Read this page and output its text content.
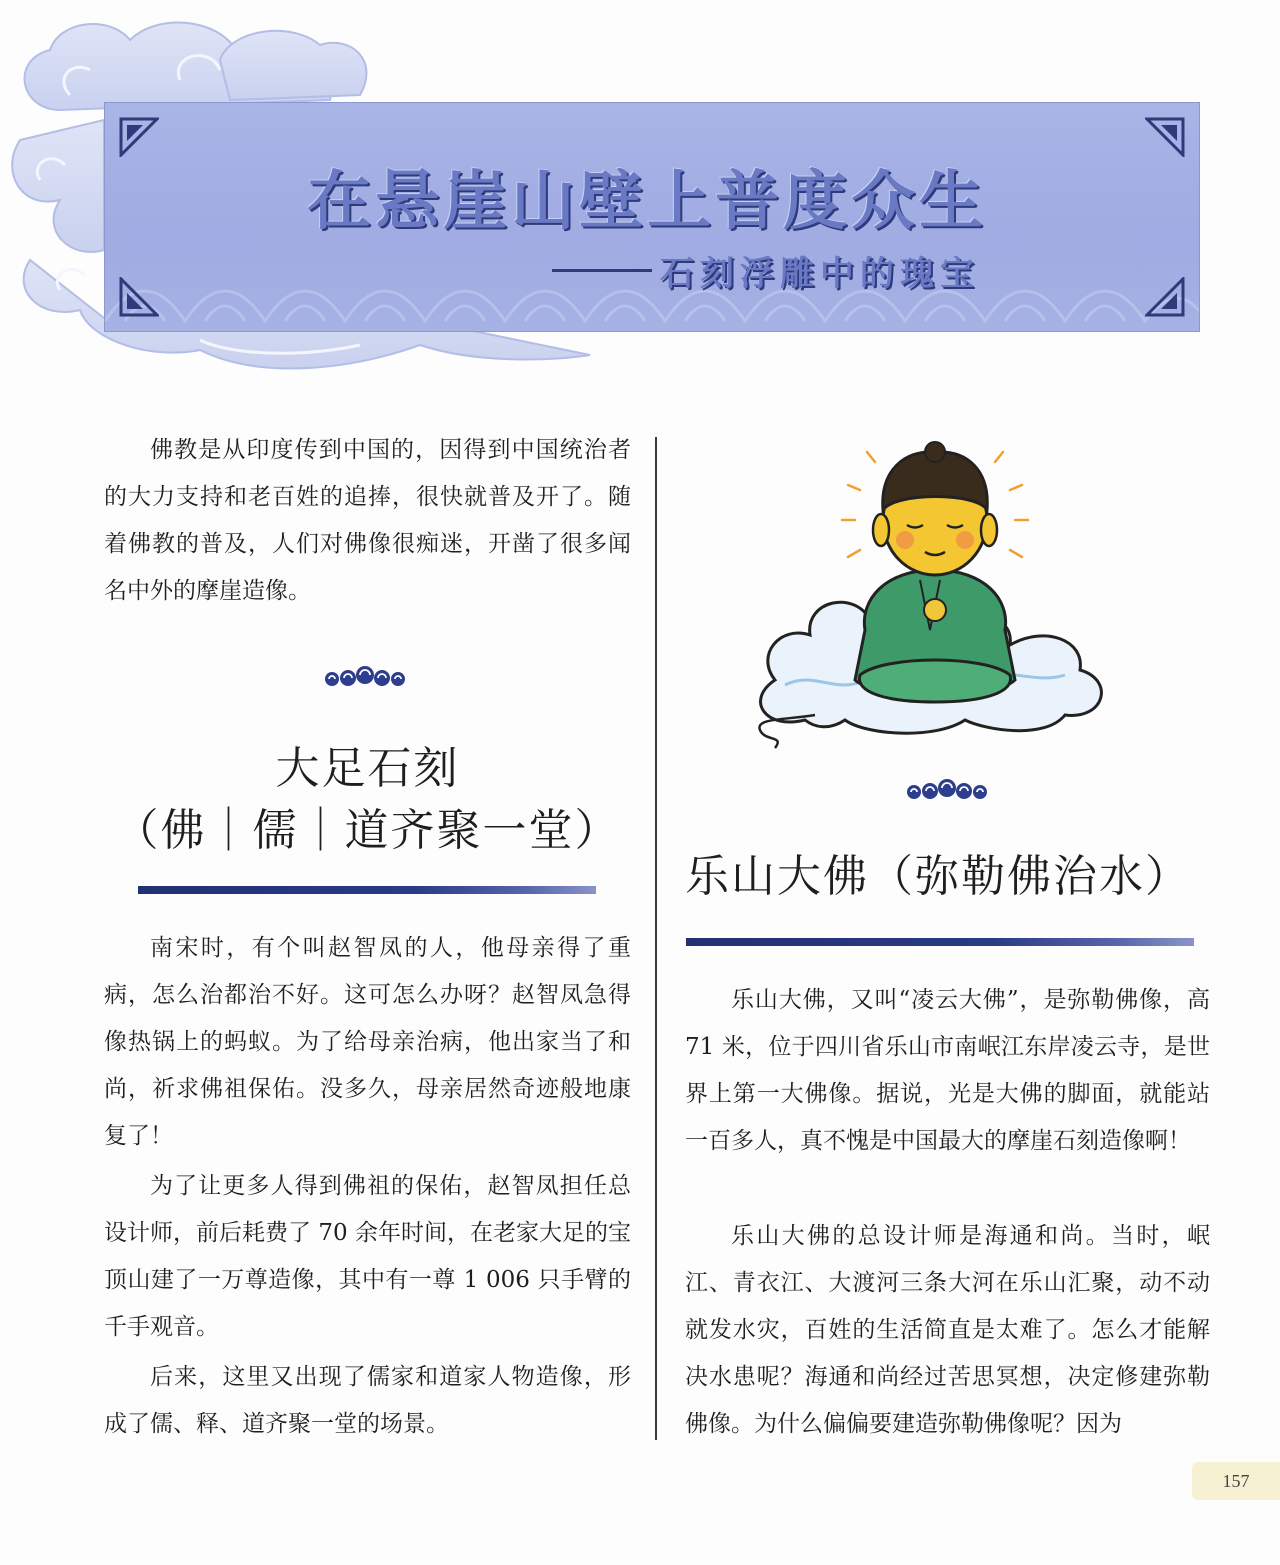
在悬崖山壁上普度众生
石刻浮雕中的瑰宝

佛教是从印度传到中国的，因得到中国统治者的大力支持和老百姓的追捧，很快就普及开了。随着佛教的普及，人们对佛像很痴迷，开凿了很多闻名中外的摩崖造像。

大足石刻
（佛｜儒｜道齐聚一堂）

南宋时，有个叫赵智凤的人，他母亲得了重病，怎么治都治不好。这可怎么办呀？赵智凤急得像热锅上的蚂蚁。为了给母亲治病，他出家当了和尚，祈求佛祖保佑。没多久，母亲居然奇迹般地康复了！

为了让更多人得到佛祖的保佑，赵智凤担任总设计师，前后耗费了 70 余年时间，在老家大足的宝顶山建了一万尊造像，其中有一尊 1 006 只手臂的千手观音。

后来，这里又出现了儒家和道家人物造像，形成了儒、释、道齐聚一堂的场景。

乐山大佛（弥勒佛治水）

乐山大佛，又叫“凌云大佛”，是弥勒佛像，高 71 米，位于四川省乐山市南岷江东岸凌云寺，是世界上第一大佛像。据说，光是大佛的脚面，就能站一百多人，真不愧是中国最大的摩崖石刻造像啊！

乐山大佛的总设计师是海通和尚。当时，岷江、青衣江、大渡河三条大河在乐山汇聚，动不动就发水灾，百姓的生活简直是太难了。怎么才能解决水患呢？海通和尚经过苦思冥想，决定修建弥勒佛像。为什么偏偏要建造弥勒佛像呢？因为

157
